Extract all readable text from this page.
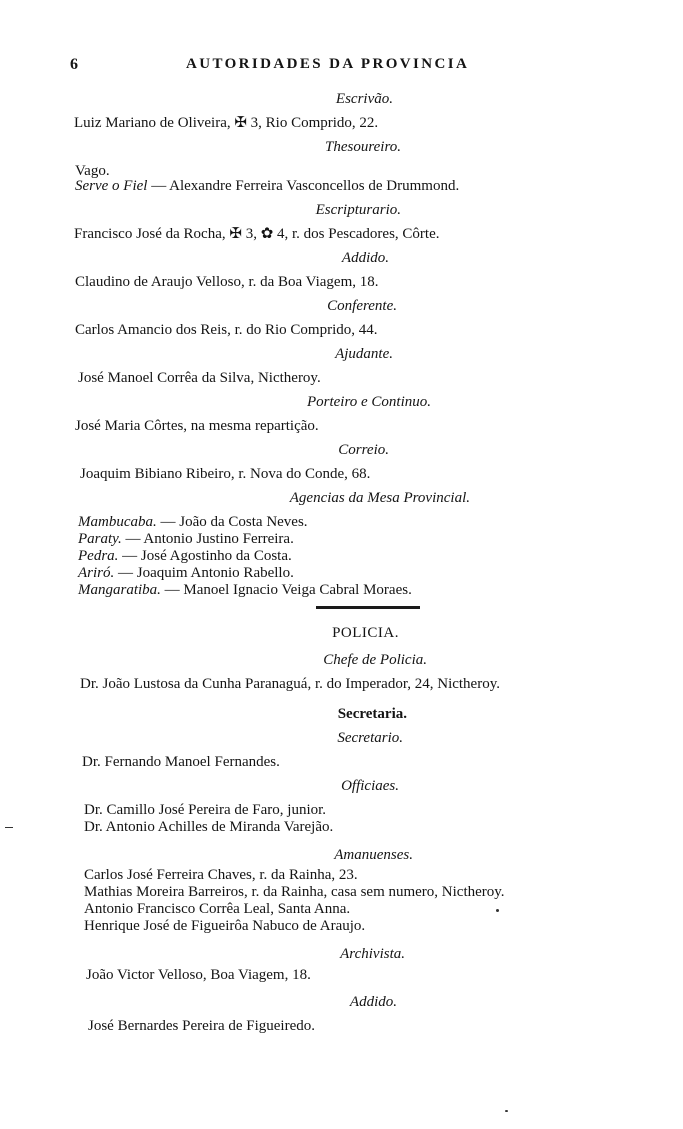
6	AUTORIDADES DA PROVINCIA
Escrivão.
Luiz Mariano de Oliveira, ✠ 3, Rio Comprido, 22.
Thesoureiro.
Vago.
Serve o Fiel — Alexandre Ferreira Vasconcellos de Drummond.
Escripturario.
Francisco José da Rocha, ✠ 3, ✿ 4, r. dos Pescadores, Côrte.
Addido.
Claudino de Araujo Velloso, r. da Boa Viagem, 18.
Conferente.
Carlos Amancio dos Reis, r. do Rio Comprido, 44.
Ajudante.
José Manoel Corrêa da Silva, Nictheroy.
Porteiro e Continuo.
José Maria Côrtes, na mesma repartição.
Correio.
Joaquim Bibiano Ribeiro, r. Nova do Conde, 68.
Agencias da Mesa Provincial.
Mambucaba. — João da Costa Neves.
Paraty. — Antonio Justino Ferreira.
Pedra. — José Agostinho da Costa.
Ariró. — Joaquim Antonio Rabello.
Mangaratiba. — Manoel Ignacio Veiga Cabral Moraes.
POLICIA.
Chefe de Policia.
Dr. João Lustosa da Cunha Paranaguá, r. do Imperador, 24, Nictheroy.
Secretaria.
Secretario.
Dr. Fernando Manoel Fernandes.
Officiaes.
Dr. Camillo José Pereira de Faro, junior.
Dr. Antonio Achilles de Miranda Varejão.
Amanuenses.
Carlos José Ferreira Chaves, r. da Rainha, 23.
Mathias Moreira Barreiros, r. da Rainha, casa sem numero, Nictheroy.
Antonio Francisco Corrêa Leal, Santa Anna.
Henrique José de Figueirôa Nabuco de Araujo.
Archivista.
João Victor Velloso, Boa Viagem, 18.
Addido.
José Bernardes Pereira de Figueiredo.
